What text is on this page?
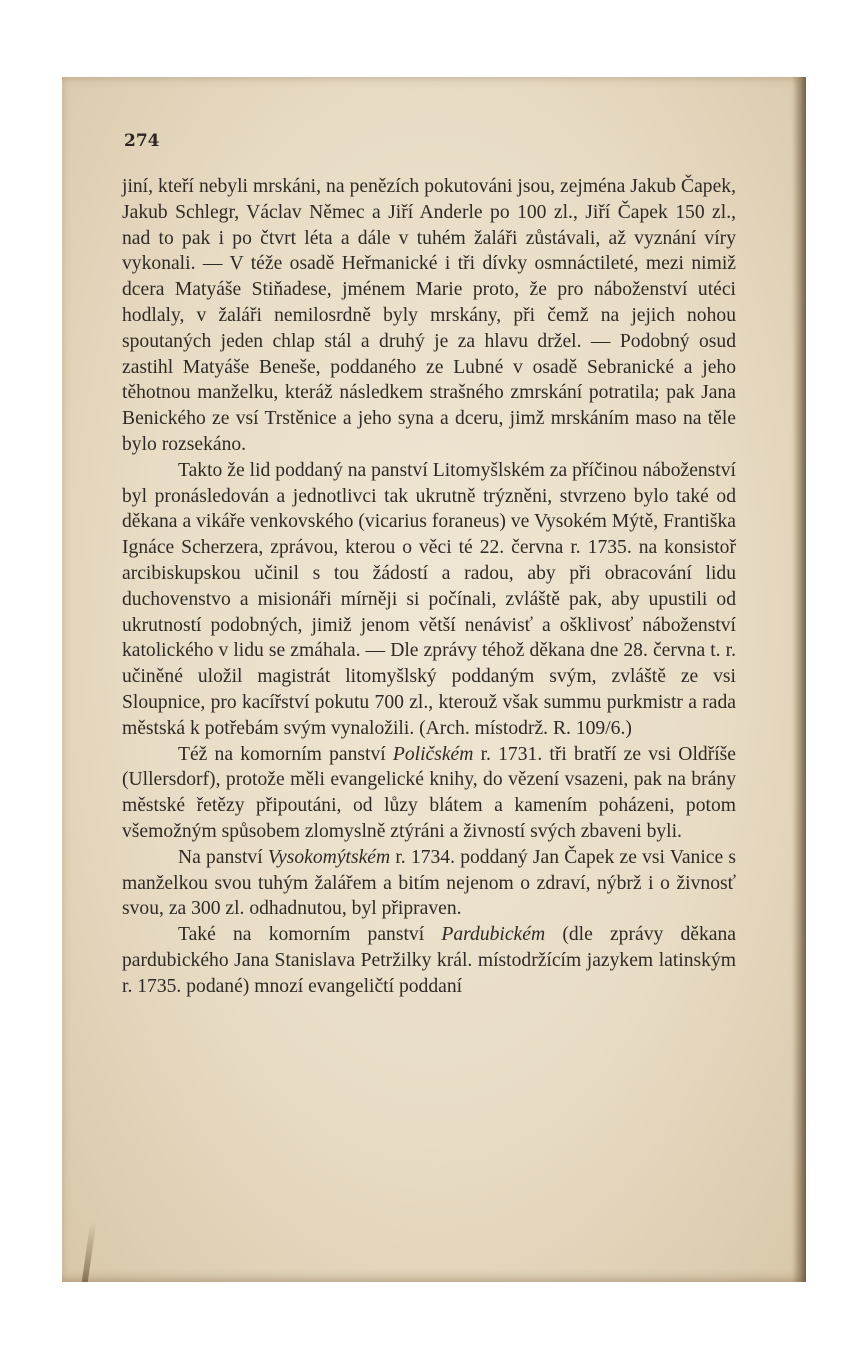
274

jiní, kteří nebyli mrskáni, na penězích pokutováni jsou, zejména Jakub Čapek, Jakub Schlegr, Václav Němec a Jiří Anderle po 100 zl., Jiří Čapek 150 zl., nad to pak i po čtvrt léta a dále v tuhém žaláři zůstávali, až vyznání víry vykonali. — V téže osadě Heřmanické i tři dívky osmnáctileté, mezi nimiž dcera Matyáše Stiňadese, jménem Marie proto, že pro náboženství utéci hodlaly, v žaláři nemilosrdně byly mrskány, při čemž na jejich nohou spoutaných jeden chlap stál a druhý je za hlavu držel. — Podobný osud zastihl Matyáše Beneše, poddaného ze Lubné v osadě Sebranické a jeho těhotnou manželku, kteráž následkem strašného zmrskání potratila; pak Jana Benického ze vsí Trstěnice a jeho syna a dceru, jimž mrskáním maso na těle bylo rozsekáno.

Takto že lid poddaný na panství Litomyšlském za příčinou náboženství byl pronásledován a jednotlivci tak ukrutně trýzněni, stvrzeno bylo také od děkana a vikáře venkovského (vicarius foraneus) ve Vysokém Mýtě, Františka Ignáce Scherzera, zprávou, kterou o věci té 22. června r. 1735. na konsistoř arcibiskupskou učinil s tou žádostí a radou, aby při obracování lidu duchovenstvo a misionáři mírněji si počínali, zvláště pak, aby upustili od ukrutností podobných, jimiž jenom větší nenávisť a ošklivosť náboženství katolického v lidu se zmáhala. — Dle zprávy téhož děkana dne 28. června t. r. učiněné uložil magistrát litomyšlský poddaným svým, zvláště ze vsi Sloupnice, pro kacířství pokutu 700 zl., kterouž však summu purkmistr a rada městská k potřebám svým vynaložili. (Arch. místodrž. R. 109/6.)

Též na komorním panství Poličském r. 1731. tři bratří ze vsi Oldříše (Ullersdorf), protože měli evangelické knihy, do vězení vsazeni, pak na brány městské řetězy připoutáni, od lůzy blátem a kamením poházeni, potom všemožným spůsobem zlomyslně ztýráni a živností svých zbaveni byli.

Na panství Vysokomýtském r. 1734. poddaný Jan Čapek ze vsi Vanice s manželkou svou tuhým žalářem a bitím nejenom o zdraví, nýbrž i o živnosť svou, za 300 zl. odhadnutou, byl připraven.

Také na komorním panství Pardubickém (dle zprávy děkana pardubického Jana Stanislava Petržilky král. místodržícím jazykem latinským r. 1735. podané) mnozí evangeličtí poddaní
